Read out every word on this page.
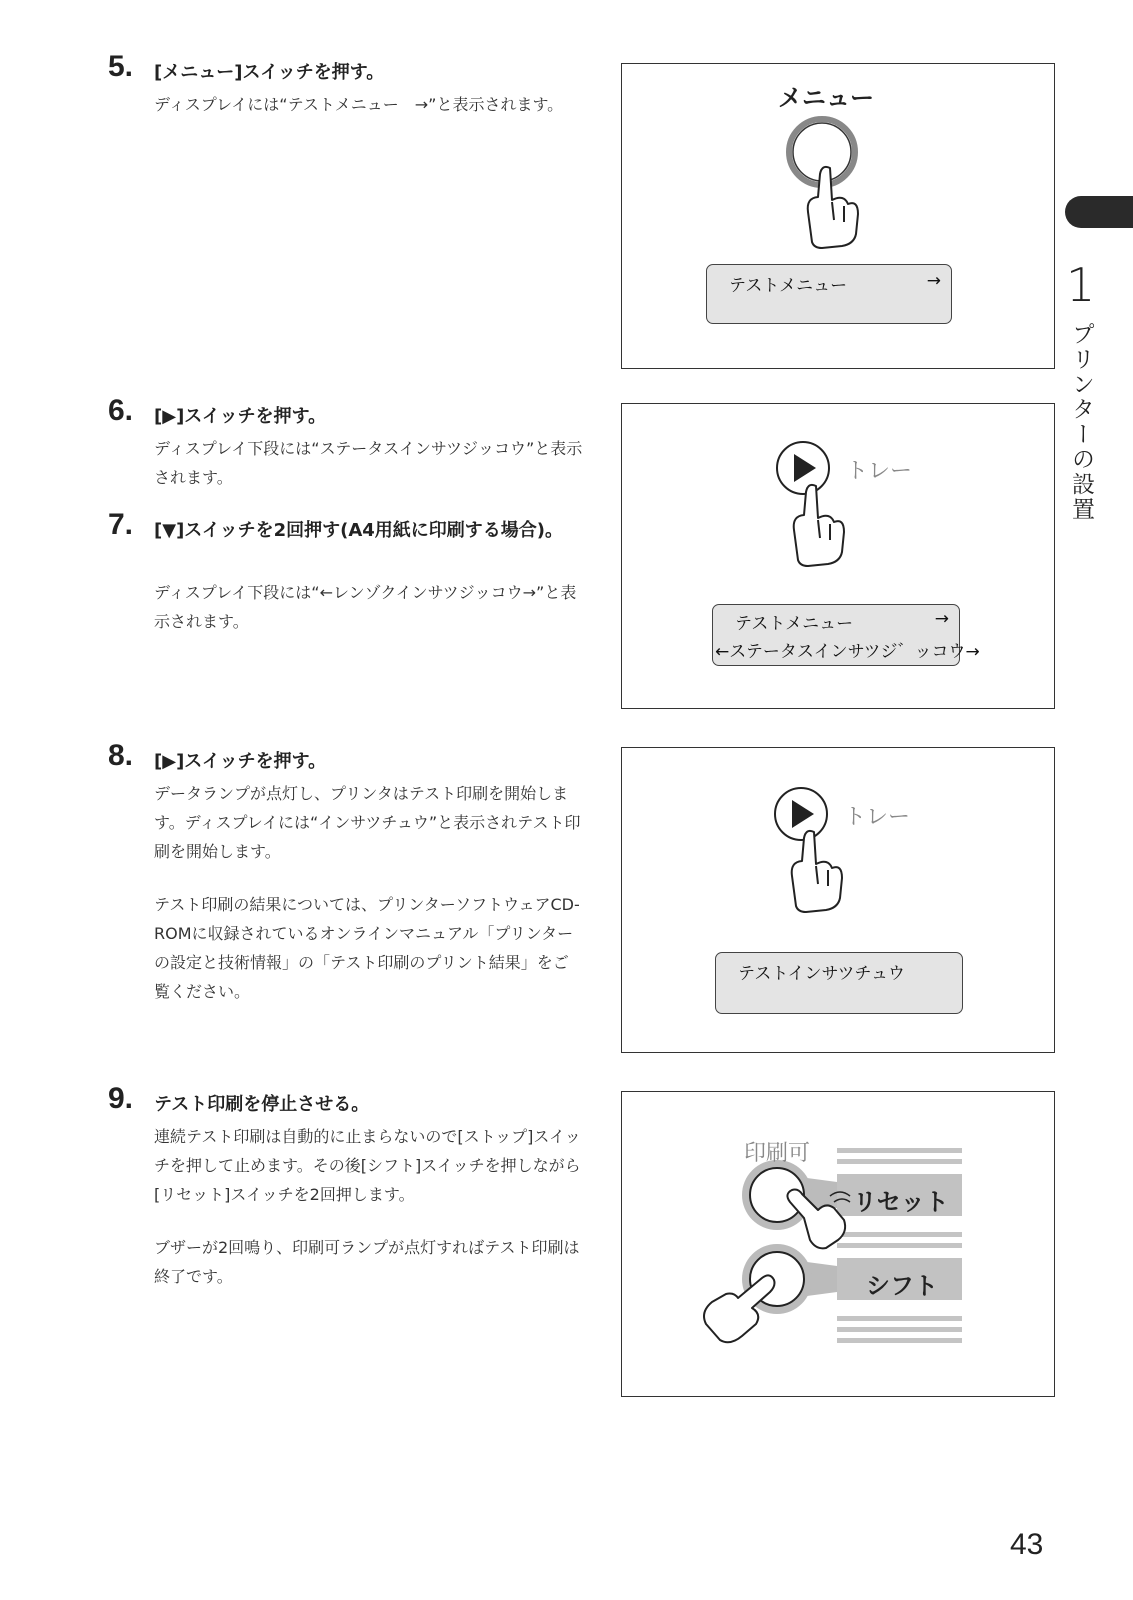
5. [メニュー]スイッチを押す。

ディスプレイには“テストメニュー　→”と表示されます。

6. [▶]スイッチを押す。

ディスプレイ下段には“ステータスインサツジッコウ”と表示されます。

7. [▼]スイッチを2回押す(A4用紙に印刷する場合)。

ディスプレイ下段には“←レンゾクインサツジッコウ→”と表示されます。

8. [▶]スイッチを押す。

データランプが点灯し、プリンタはテスト印刷を開始します。ディスプレイには“インサツチュウ”と表示されテスト印刷を開始します。

テスト印刷の結果については、プリンターソフトウェアCD-ROMに収録されているオンラインマニュアル「プリンターの設定と技術情報」の「テスト印刷のプリント結果」をご覧ください。

9. テスト印刷を停止させる。

連続テスト印刷は自動的に止まらないので[ストップ]スイッチを押して止めます。その後[シフト]スイッチを押しながら[リセット]スイッチを2回押します。

ブザーが2回鳴り、印刷可ランプが点灯すればテスト印刷は終了です。

メニュー
テストメニュー	→
トレー
テストメニュー	→
←ステータスインサツジ゛ッコウ→
トレー
テストインサツチュウ
印刷可
リセット
シフト
1
プリンターの設置
43
